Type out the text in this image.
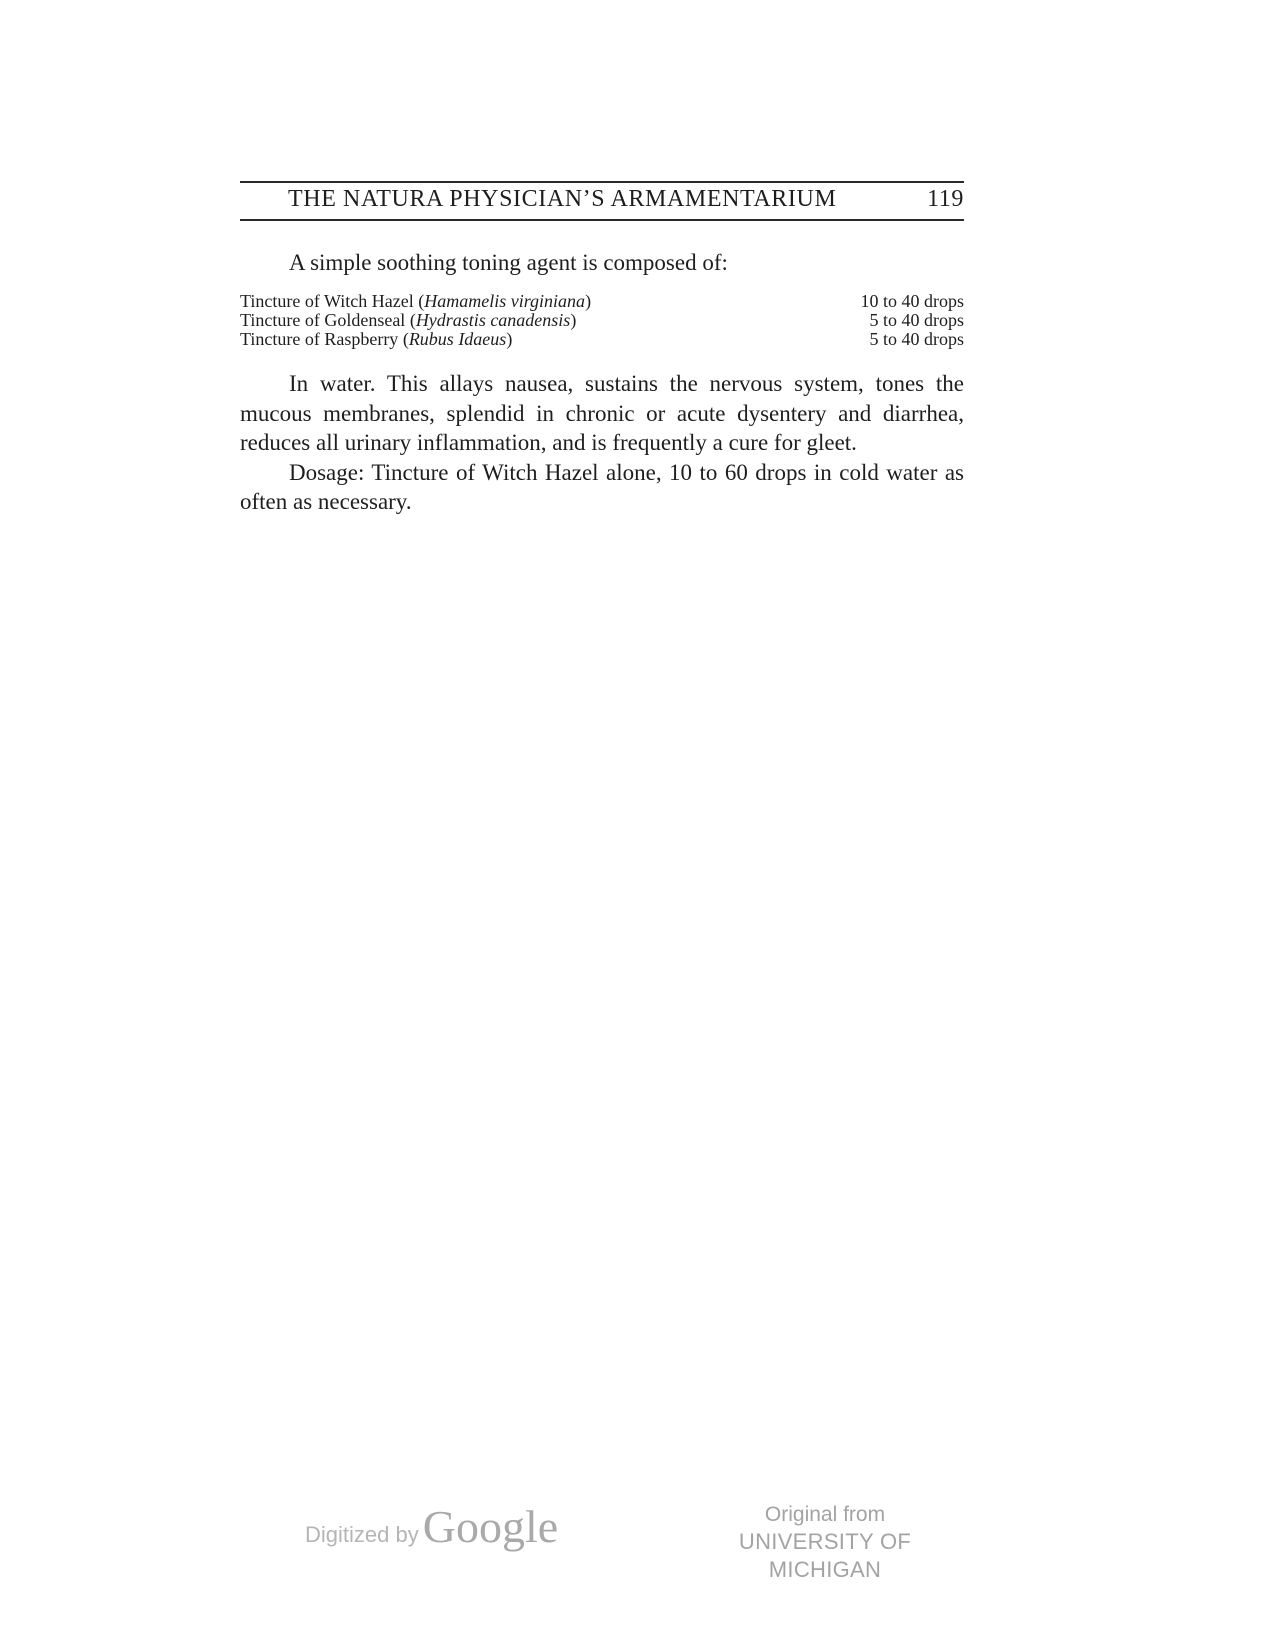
THE NATURA PHYSICIAN’S ARMAMENTARIUM	119
A simple soothing toning agent is composed of:
Tincture of Witch Hazel (Hamamelis virginiana)	10 to 40 drops
Tincture of Goldenseal (Hydrastis canadensis)	5 to 40 drops
Tincture of Raspberry (Rubus Idaeus)	5 to 40 drops

In water. This allays nausea, sustains the nervous system, tones the mucous membranes, splendid in chronic or acute dysentery and diarrhea, reduces all urinary inflammation, and is frequently a cure for gleet.

Dosage: Tincture of Witch Hazel alone, 10 to 60 drops in cold water as often as necessary.

Digitized byGoogle	Original from
UNIVERSITY OF MICHIGAN
